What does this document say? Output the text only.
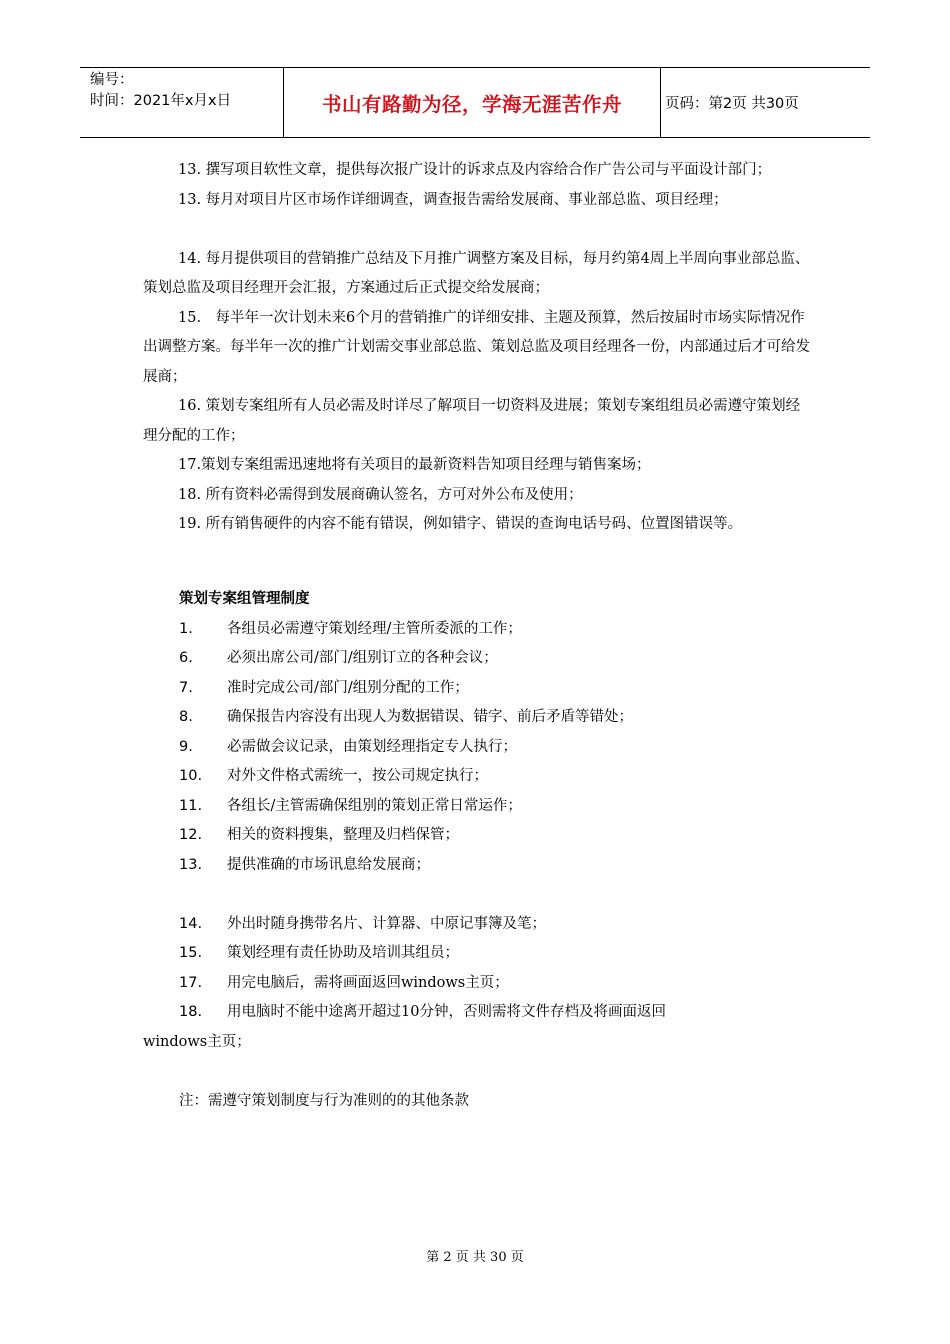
编号：
时间：2021年x月x日	书山有路勤为径，学海无涯苦作舟	页码：第2页 共30页

13. 撰写项目软性文章，提供每次报广设计的诉求点及内容给合作广告公司与平面设计部门；

13. 每月对项目片区市场作详细调查，调查报告需给发展商、事业部总监、项目经理；

14. 每月提供项目的营销推广总结及下月推广调整方案及目标，每月约第4周上半周向事业部总监、策划总监及项目经理开会汇报，方案通过后正式提交给发展商；

15.　每半年一次计划未来6个月的营销推广的详细安排、主题及预算，然后按届时市场实际情况作出调整方案。每半年一次的推广计划需交事业部总监、策划总监及项目经理各一份，内部通过后才可给发展商；

16. 策划专案组所有人员必需及时详尽了解项目一切资料及进展；策划专案组组员必需遵守策划经理分配的工作；

17.策划专案组需迅速地将有关项目的最新资料告知项目经理与销售案场；

18. 所有资料必需得到发展商确认签名，方可对外公布及使用；

19. 所有销售硬件的内容不能有错误，例如错字、错误的查询电话号码、位置图错误等。

策划专案组管理制度

1. 各组员必需遵守策划经理/主管所委派的工作；

6. 必须出席公司/部门/组别订立的各种会议；

7. 准时完成公司/部门/组别分配的工作；

8. 确保报告内容没有出现人为数据错误、错字、前后矛盾等错处；

9. 必需做会议记录，由策划经理指定专人执行；

10. 对外文件格式需统一，按公司规定执行；

11. 各组长/主管需确保组别的策划正常日常运作；

12. 相关的资料搜集，整理及归档保管；

13. 提供准确的市场讯息给发展商；

14. 外出时随身携带名片、计算器、中原记事簿及笔；

15. 策划经理有责任协助及培训其组员；

17. 用完电脑后，需将画面返回windows主页；

18. 用电脑时不能中途离开超过10分钟，否则需将文件存档及将画面返回

windows主页；

注：需遵守策划制度与行为准则的的其他条款

第 2 页 共 30 页
